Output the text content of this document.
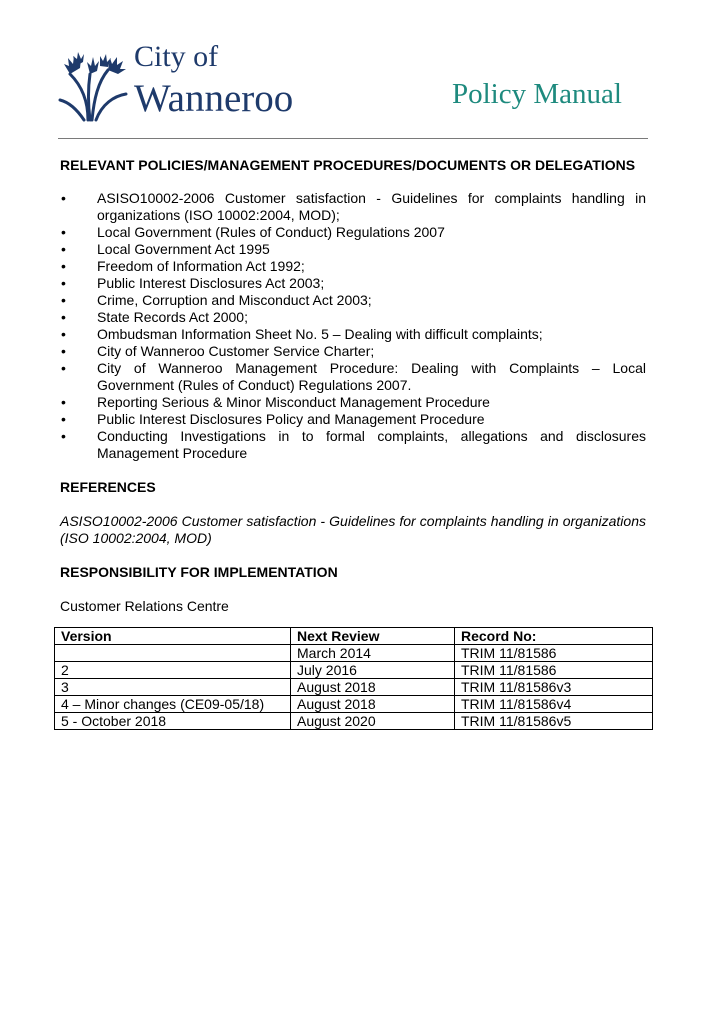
City of
Wanneroo	Policy Manual

RELEVANT POLICIES/MANAGEMENT PROCEDURES/DOCUMENTS OR DELEGATIONS

• ASISO10002-2006 Customer satisfaction - Guidelines for complaints handling in organizations (ISO 10002:2004, MOD);
• Local Government (Rules of Conduct) Regulations 2007
• Local Government Act 1995
• Freedom of Information Act 1992;
• Public Interest Disclosures Act 2003;
• Crime, Corruption and Misconduct Act 2003;
• State Records Act 2000;
• Ombudsman Information Sheet No. 5 – Dealing with difficult complaints;
• City of Wanneroo Customer Service Charter;
• City of Wanneroo Management Procedure: Dealing with Complaints – Local Government (Rules of Conduct) Regulations 2007.
• Reporting Serious & Minor Misconduct Management Procedure
• Public Interest Disclosures Policy and Management Procedure
• Conducting Investigations in to formal complaints, allegations and disclosures Management Procedure

REFERENCES

ASISO10002-2006 Customer satisfaction - Guidelines for complaints handling in organizations (ISO 10002:2004, MOD)

RESPONSIBILITY FOR IMPLEMENTATION

Customer Relations Centre

Version	Next Review	Record No:
	March 2014	TRIM 11/81586
2	July 2016	TRIM 11/81586
3	August 2018	TRIM 11/81586v3
4 – Minor changes (CE09-05/18)	August 2018	TRIM 11/81586v4
5 - October 2018	August 2020	TRIM 11/81586v5
